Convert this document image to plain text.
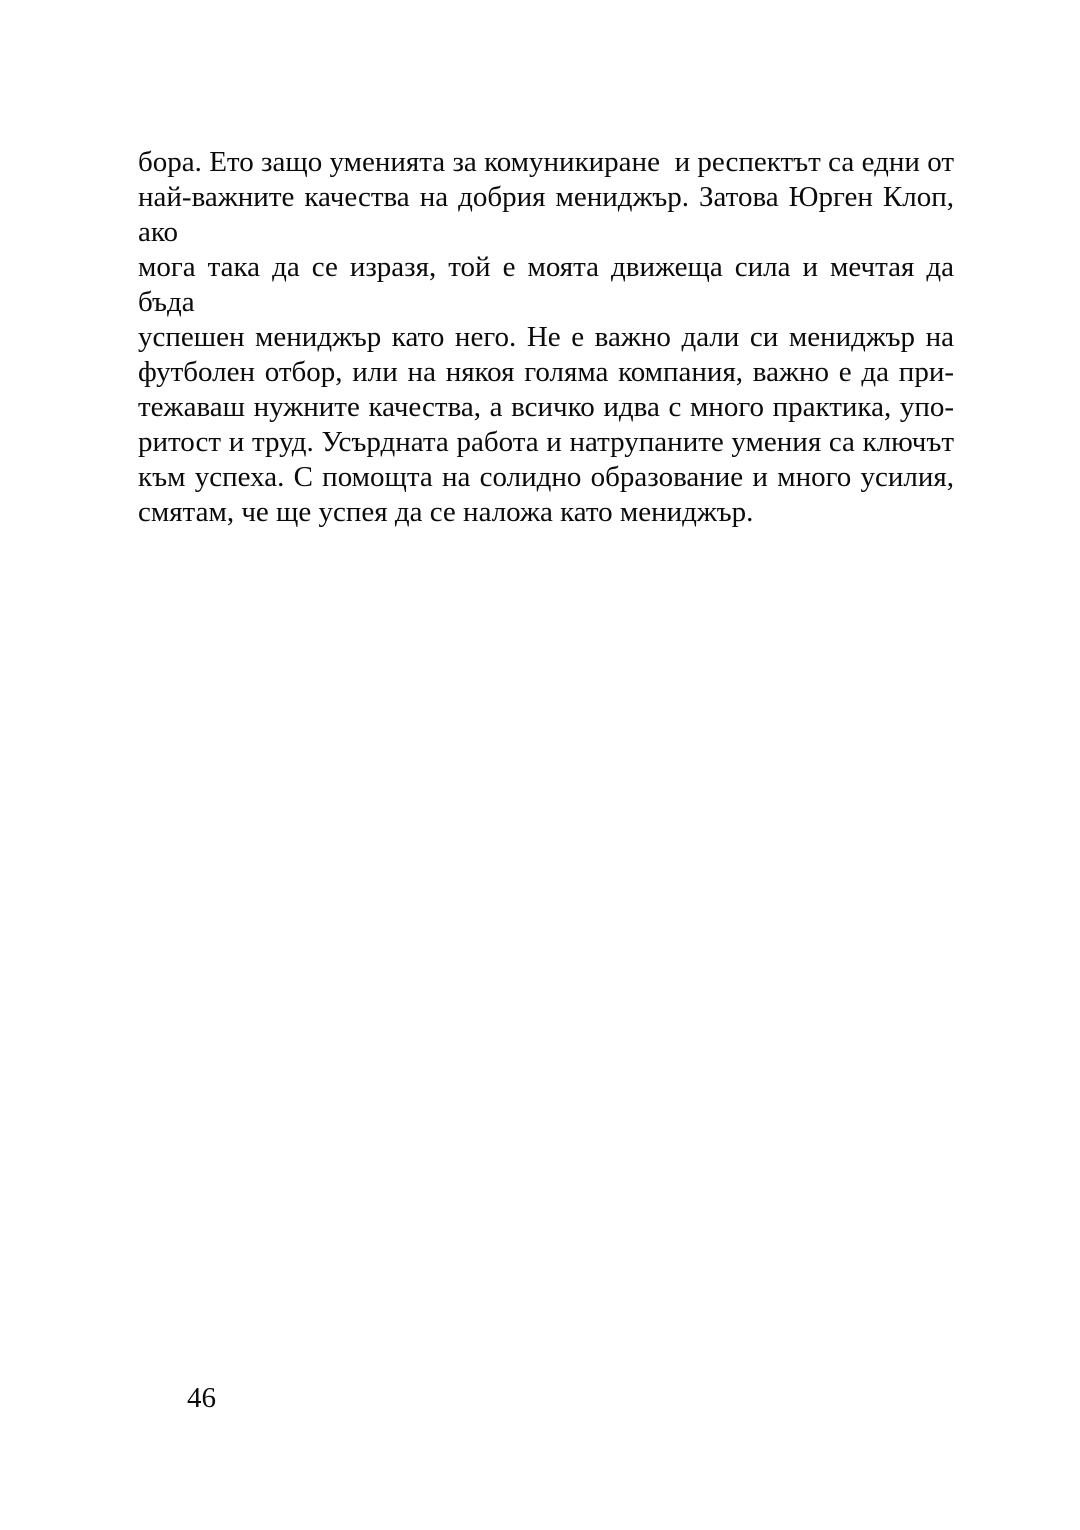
бора. Ето защо уменията за комуникиране  и респектът са едни от
най-важните качества на добрия мениджър. Затова Юрген Клоп, ако
мога така да се изразя, той е моята движеща сила и мечтая да бъда
успешен мениджър като него. Не е важно дали си мениджър на
футболен отбор, или на някоя голяма компания, важно е да при-
тежаваш нужните качества, а всичко идва с много практика, упо-
ритост и труд. Усърдната работа и натрупаните умения са ключът
към успеха. С помощта на солидно образование и много усилия,
смятам, че ще успея да се наложа като мениджър.
46
